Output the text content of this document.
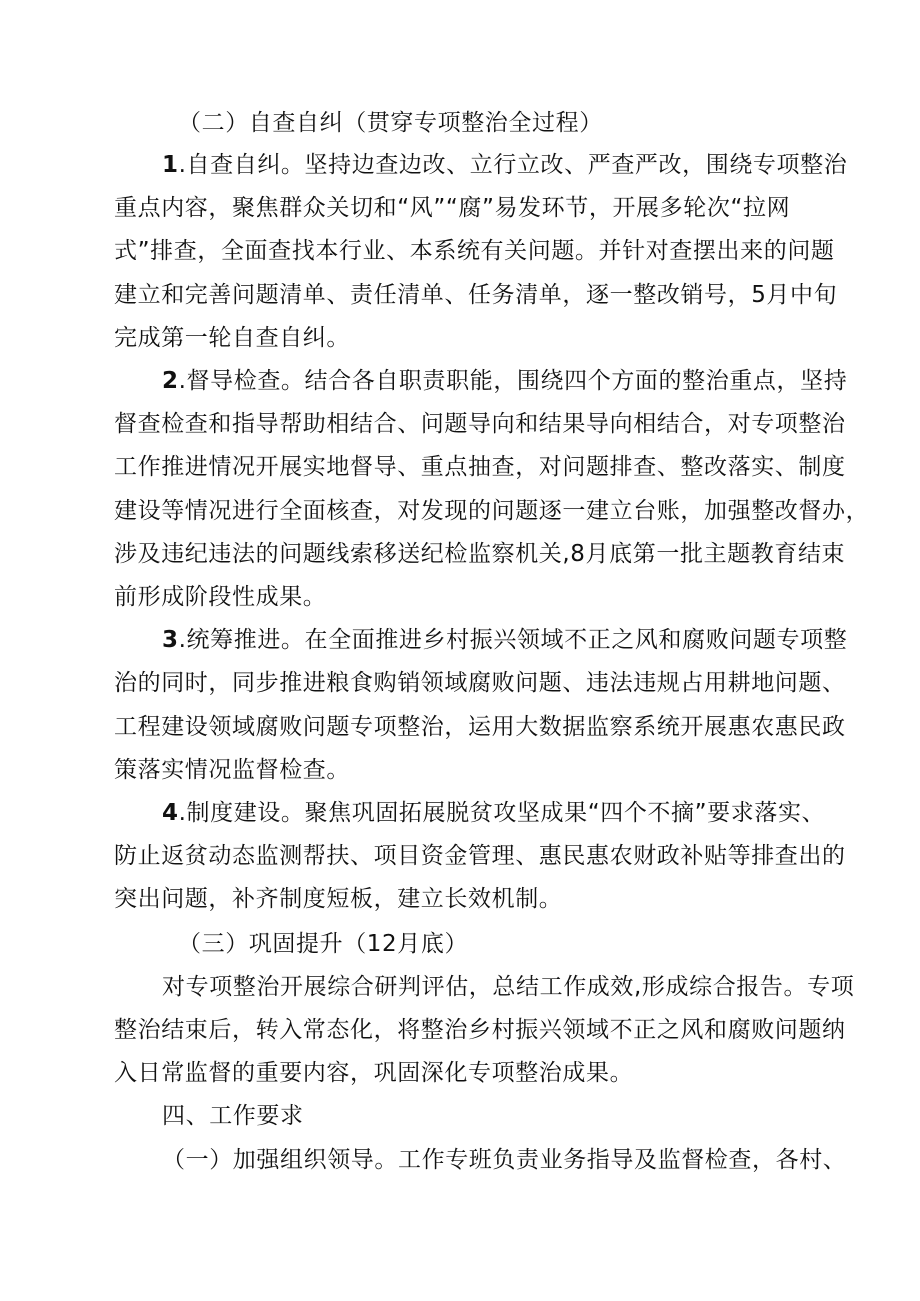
（二）自查自纠（贯穿专项整治全过程）
1.自查自纠。坚持边查边改、立行立改、严查严改，围绕专项整治
重点内容，聚焦群众关切和“风”“腐”易发环节，开展多轮次“拉网
式”排查，全面查找本行业、本系统有关问题。并针对查摆出来的问题
建立和完善问题清单、责任清单、任务清单，逐一整改销号，5月中旬
完成第一轮自查自纠。
2.督导检查。结合各自职责职能，围绕四个方面的整治重点，坚持
督查检查和指导帮助相结合、问题导向和结果导向相结合，对专项整治
工作推进情况开展实地督导、重点抽查，对问题排查、整改落实、制度
建设等情况进行全面核查，对发现的问题逐一建立台账，加强整改督办，
涉及违纪违法的问题线索移送纪检监察机关,8月底第一批主题教育结束
前形成阶段性成果。
3.统筹推进。在全面推进乡村振兴领域不正之风和腐败问题专项整
治的同时，同步推进粮食购销领域腐败问题、违法违规占用耕地问题、
工程建设领域腐败问题专项整治，运用大数据监察系统开展惠农惠民政
策落实情况监督检查。
4.制度建设。聚焦巩固拓展脱贫攻坚成果“四个不摘”要求落实、
防止返贫动态监测帮扶、项目资金管理、惠民惠农财政补贴等排查出的
突出问题，补齐制度短板，建立长效机制。
（三）巩固提升（12月底）
对专项整治开展综合研判评估，总结工作成效,形成综合报告。专项
整治结束后，转入常态化，将整治乡村振兴领域不正之风和腐败问题纳
入日常监督的重要内容，巩固深化专项整治成果。
四、工作要求
（一）加强组织领导。工作专班负责业务指导及监督检查，各村、
